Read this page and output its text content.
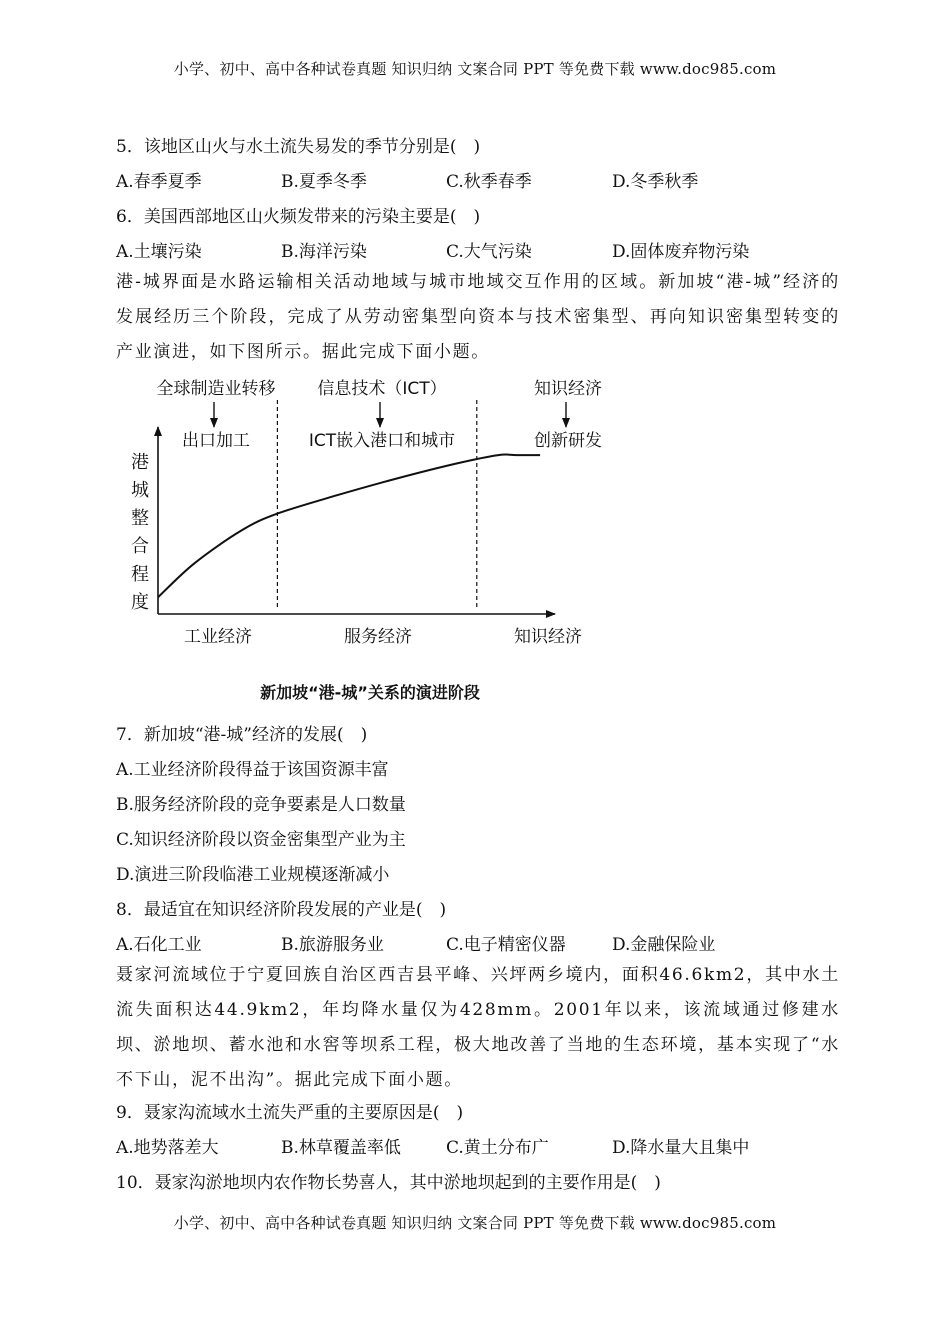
小学、初中、高中各种试卷真题 知识归纳 文案合同 PPT 等免费下载 www.doc985.com
5．该地区山火与水土流失易发的季节分别是(　)
A.春季夏季	B.夏季冬季	C.秋季春季	D.冬季秋季
6．美国西部地区山火频发带来的污染主要是(　)
A.土壤污染	B.海洋污染	C.大气污染	D.固体废弃物污染
港-城界面是水路运输相关活动地域与城市地域交互作用的区域。新加坡“港-城”经济的发展经历三个阶段，完成了从劳动密集型向资本与技术密集型、再向知识密集型转变的产业演进，如下图所示。据此完成下面小题。
港
城
整
合
程
度
全球制造业转移
出口加工
工业经济
信息技术（ICT）
ICT嵌入港口和城市
服务经济
知识经济
创新研发
知识经济
新加坡“港-城”关系的演进阶段
7．新加坡“港-城”经济的发展(　)
A.工业经济阶段得益于该国资源丰富
B.服务经济阶段的竞争要素是人口数量
C.知识经济阶段以资金密集型产业为主
D.演进三阶段临港工业规模逐渐减小
8．最适宜在知识经济阶段发展的产业是(　)
A.石化工业	B.旅游服务业	C.电子精密仪器	D.金融保险业
聂家河流域位于宁夏回族自治区西吉县平峰、兴坪两乡境内，面积46.6km2，其中水土流失面积达44.9km2，年均降水量仅为428mm。2001年以来，该流域通过修建水坝、淤地坝、蓄水池和水窖等坝系工程，极大地改善了当地的生态环境，基本实现了“水不下山，泥不出沟”。据此完成下面小题。
9．聂家沟流域水土流失严重的主要原因是(　)
A.地势落差大	B.林草覆盖率低	C.黄土分布广	D.降水量大且集中
10．聂家沟淤地坝内农作物长势喜人，其中淤地坝起到的主要作用是(　)
小学、初中、高中各种试卷真题 知识归纳 文案合同 PPT 等免费下载 www.doc985.com
